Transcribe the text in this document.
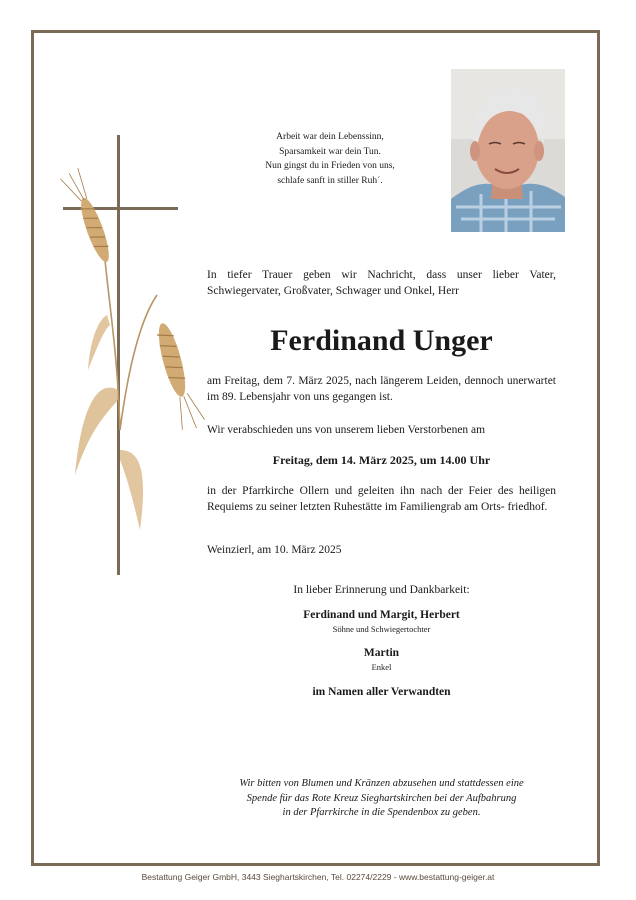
Arbeit war dein Lebenssinn,
Sparsamkeit war dein Tun.
Nun gingst du in Frieden von uns,
schlafe sanft in stiller Ruh´.
In tiefer Trauer geben wir Nachricht, dass unser lieber Vater, Schwiegervater, Großvater, Schwager und Onkel, Herr
Ferdinand Unger
am Freitag, dem 7. März 2025, nach längerem Leiden, dennoch unerwartet im 89. Lebensjahr von uns gegangen ist.
Wir verabschieden uns von unserem lieben Verstorbenen am
Freitag, dem 14. März 2025, um 14.00 Uhr
in der Pfarrkirche Ollern und geleiten ihn nach der Feier des heiligen Requiems zu seiner letzten Ruhestätte im Familiengrab am Orts- friedhof.
Weinzierl, am 10. März 2025
In lieber Erinnerung und Dankbarkeit:
Ferdinand und Margit, Herbert
Söhne und Schwiegertochter
Martin
Enkel
im Namen aller Verwandten
Wir bitten von Blumen und Kränzen abzusehen und stattdessen eine
Spende für das Rote Kreuz Sieghartskirchen bei der Aufbahrung
in der Pfarrkirche in die Spendenbox zu geben.
Bestattung Geiger GmbH, 3443 Sieghartskirchen, Tel. 02274/2229 - www.bestattung-geiger.at
